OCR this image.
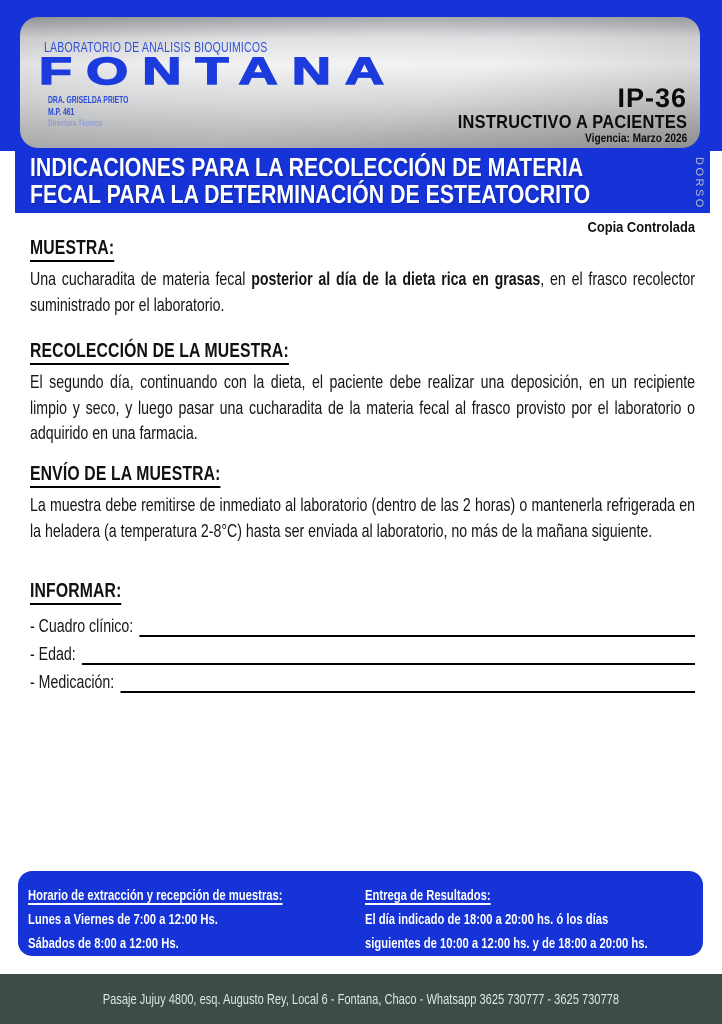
LABORATORIO DE ANALISIS BIOQUIMICOS
FONTANA
DRA. GRISELDA PRIETO
M.P. 461
Directora Técnica
IP-36
INSTRUCTIVO A PACIENTES
Vigencia: Marzo 2026
INDICACIONES PARA LA RECOLECCIÓN DE MATERIA
FECAL PARA LA DETERMINACIÓN DE ESTEATOCRITO	DORSO
Copia Controlada
MUESTRA:
Una cucharadita de materia fecal posterior al día de la dieta rica en grasas, en el frasco recolector suministrado por el laboratorio.
RECOLECCIÓN DE LA MUESTRA:
El segundo día, continuando con la dieta, el paciente debe realizar una deposición, en un recipiente limpio y seco, y luego pasar una cucharadita de la materia fecal al frasco provisto por el laboratorio o adquirido en una farmacia.
ENVÍO DE LA MUESTRA:
La muestra debe remitirse de inmediato al laboratorio (dentro de las 2 horas) o mantenerla refrigerada en la heladera (a temperatura 2-8°C) hasta ser enviada al laboratorio, no más de la mañana siguiente.
INFORMAR:
- Cuadro clínico:
- Edad:
- Medicación:
Horario de extracción y recepción de muestras:
Lunes a Viernes de 7:00 a 12:00 Hs.
Sábados de 8:00 a 12:00 Hs.
Entrega de Resultados:
El día indicado de 18:00 a 20:00 hs. ó los días
siguientes de 10:00 a 12:00 hs. y de 18:00 a 20:00 hs.
Pasaje Jujuy 4800, esq. Augusto Rey, Local 6 - Fontana, Chaco - Whatsapp 3625 730777 - 3625 730778
